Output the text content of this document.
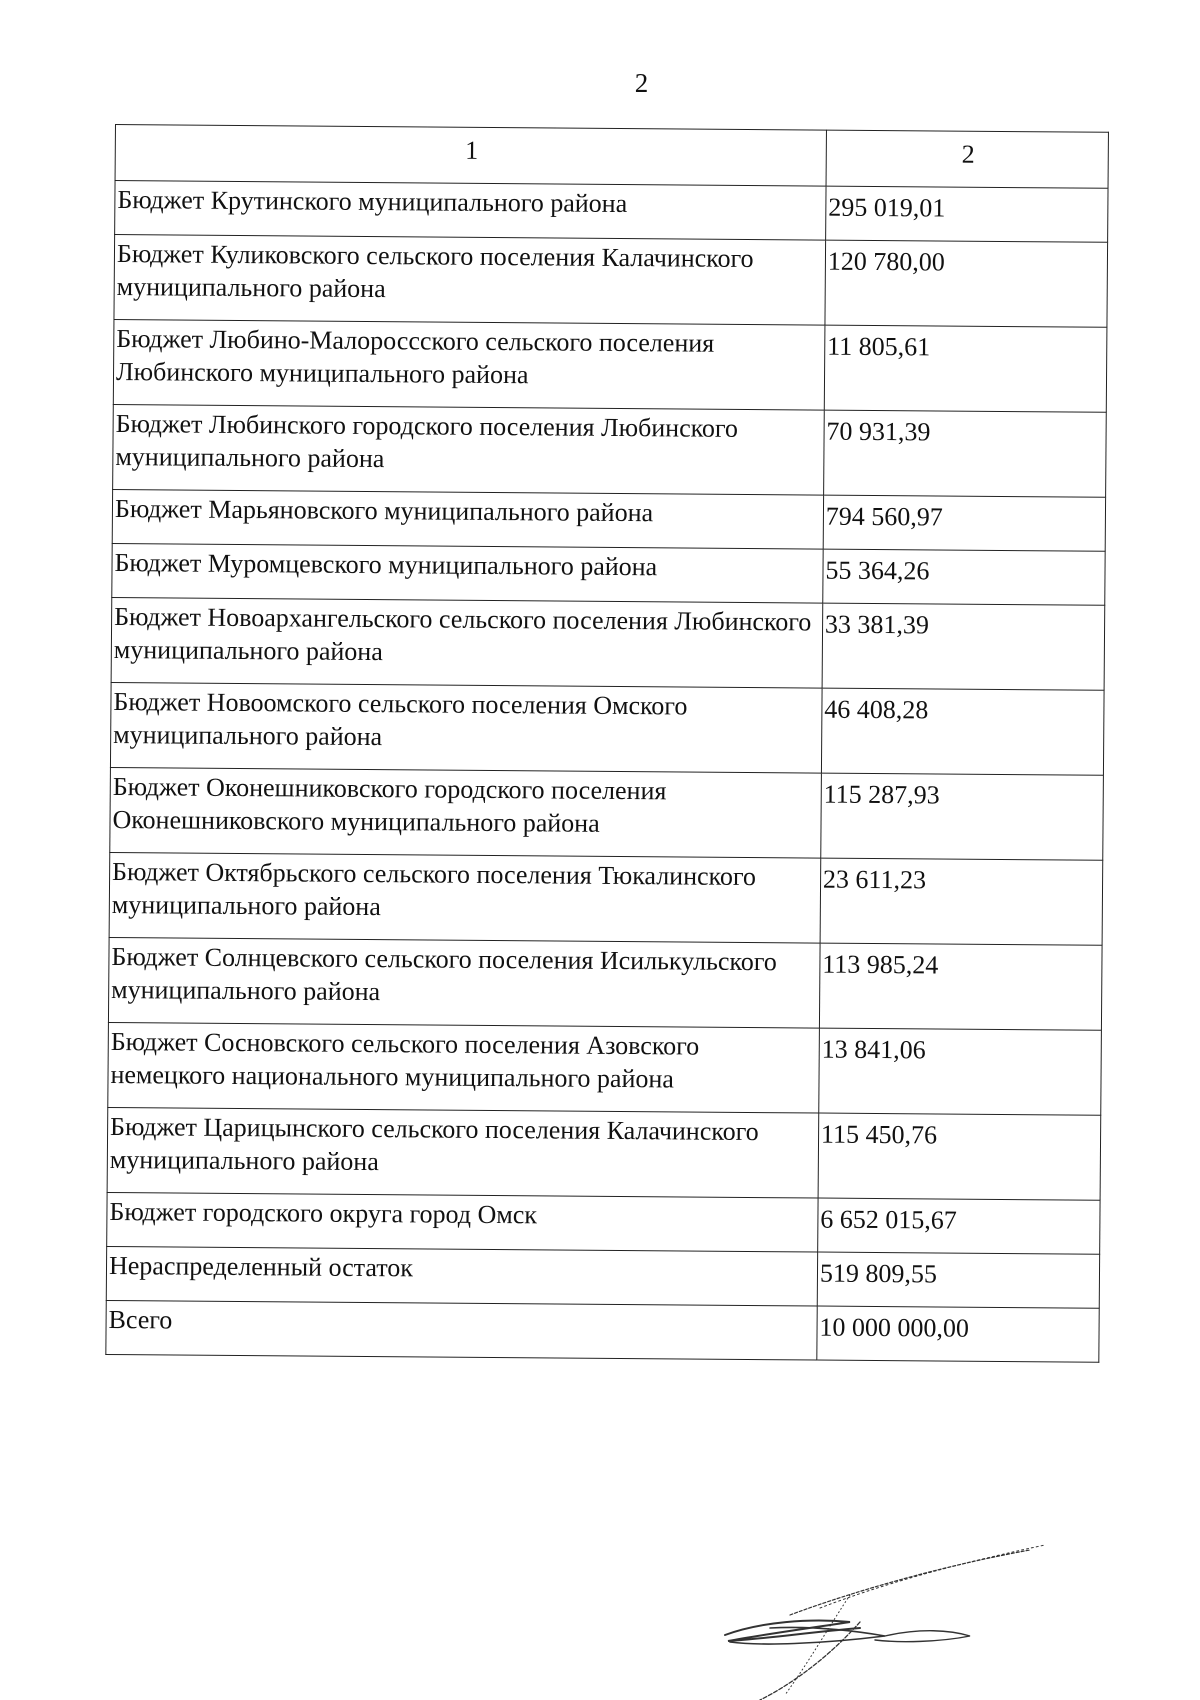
2
1	2
Бюджет Крутинского муниципального района	295 019,01
Бюджет Куликовского сельского поселения Калачинского муниципального района	120 780,00
Бюджет Любино-Малороссского сельского поселения Любинского муниципального района	11 805,61
Бюджет Любинского городского поселения Любинского муниципального района	70 931,39
Бюджет Марьяновского муниципального района	794 560,97
Бюджет Муромцевского муниципального района	55 364,26
Бюджет Новоархангельского сельского поселения Любинского муниципального района	33 381,39
Бюджет Новоомского сельского поселения Омского муниципального района	46 408,28
Бюджет Оконешниковского городского поселения Оконешниковского муниципального района	115 287,93
Бюджет Октябрьского сельского поселения Тюкалинского муниципального района	23 611,23
Бюджет Солнцевского сельского поселения Исилькульского муниципального района	113 985,24
Бюджет Сосновского сельского поселения Азовского немецкого национального муниципального района	13 841,06
Бюджет Царицынского сельского поселения Калачинского муниципального района	115 450,76
Бюджет городского округа город Омск	6 652 015,67
Нераспределенный остаток	519 809,55
Всего	10 000 000,00
